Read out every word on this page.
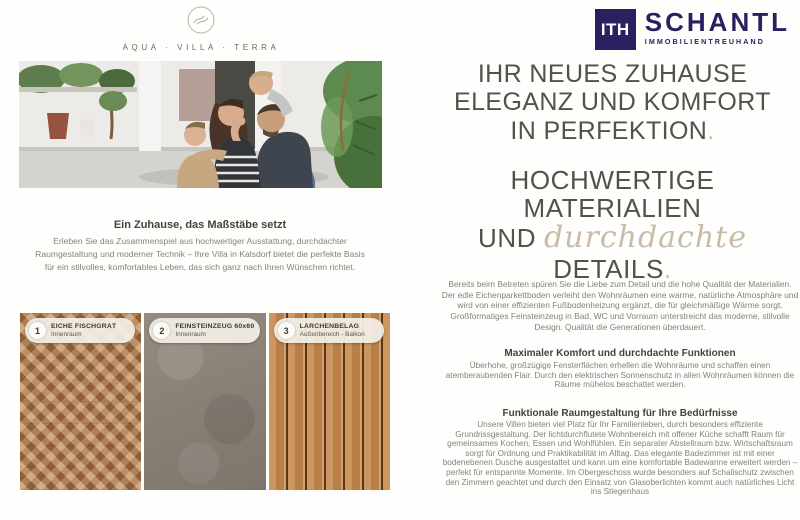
AQUA · VILLA · TERRA
Ein Zuhause, das Maßstäbe setzt
Erleben Sie das Zusammenspiel aus hochwertiger Ausstattung, durchdachter Raumgestaltung und moderner Technik – Ihre Villa in Kalsdorf bietet die perfekte Basis für ein stilvolles, komfortables Leben, das sich ganz nach Ihren Wünschen richtet.
1	EICHE FISCHGRÄT
Innenraum	2	FEINSTEINZEUG 60x60
Innenraum	3	LÄRCHENBELAG
Außenbereich - Balkon
ITH SCHANTL
IMMOBILIENTREUHAND
IHR NEUES ZUHAUSE
ELEGANZ UND KOMFORT
IN PERFEKTION.
HOCHWERTIGE
MATERIALIEN
UND durchdachte
DETAILS.
Bereits beim Betreten spüren Sie die Liebe zum Detail und die hohe Qualität der Materialien. Der edle Eichenparkettboden verleiht den Wohnräumen eine warme, natürliche Atmosphäre und wird von einer effizienten Fußbodenheizung ergänzt, die für gleichmäßige Wärme sorgt. Großformatiges Feinsteinzeug in Bad, WC und Vorraum unterstreicht das moderne, stilvolle Design. Qualität die Generationen überdauert.
Maximaler Komfort und durchdachte Funktionen
Überhohe, großzügige Fensterflächen erhellen die Wohnräume und schaffen einen atemberaubenden Flair. Durch den elektrischen Sonnenschutz in allen Wohnräumen können die Räume mühelos beschattet werden.
Funktionale Raumgestaltung für Ihre Bedürfnisse
Unsere Villen bieten viel Platz für Ihr Familienleben, durch besonders effiziente Grundrissgestaltung. Der lichtdurchflutete Wohnbereich mit offener Küche schafft Raum für gemeinsames Kochen, Essen und Wohlfühlen. Ein separater Abstellraum bzw. Wirtschaftsraum sorgt für Ordnung und Praktikabilität im Alltag. Das elegante Badezimmer ist mit einer bodenebenen Dusche ausgestattet und kann um eine komfortable Badewanne erweitert werden – perfekt für entspannte Momente. Im Obergeschoss wurde besonders auf Schallschutz zwischen den Zimmern geachtet und durch den Einsatz von Glasoberlichten kommt auch natürliches Licht ins Stiegenhaus
